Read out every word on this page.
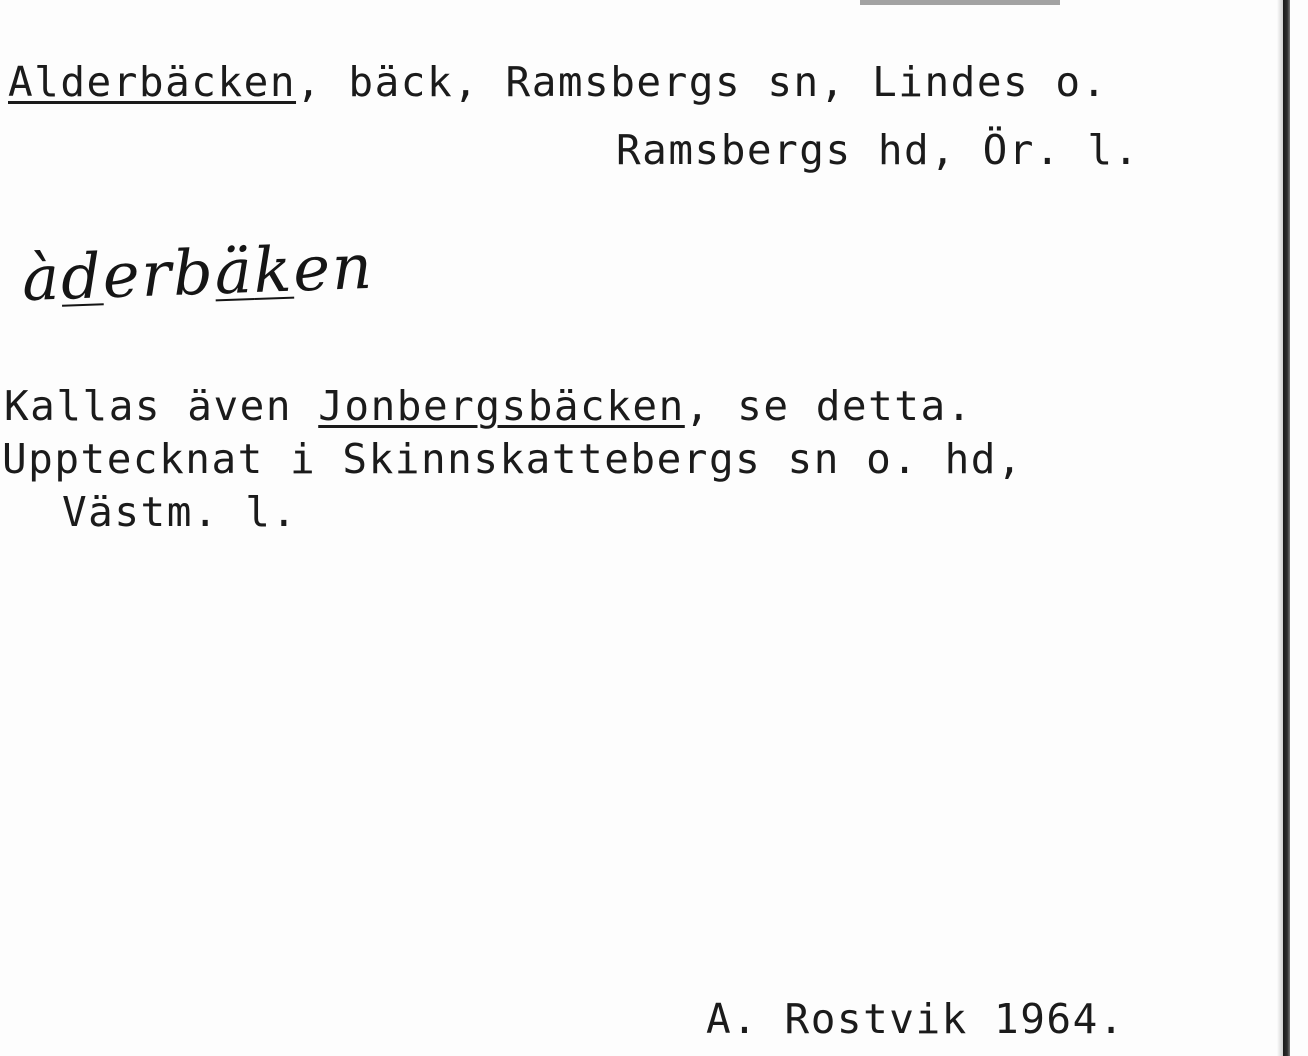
Alderbäcken, bäck, Ramsbergs sn, Lindes o.
Ramsbergs hd, Ör. l.
àderbäken
Kallas även Jonbergsbäcken, se detta.
Upptecknat i Skinnskattebergs sn o. hd,
Västm. l.
A. Rostvik 1964.
